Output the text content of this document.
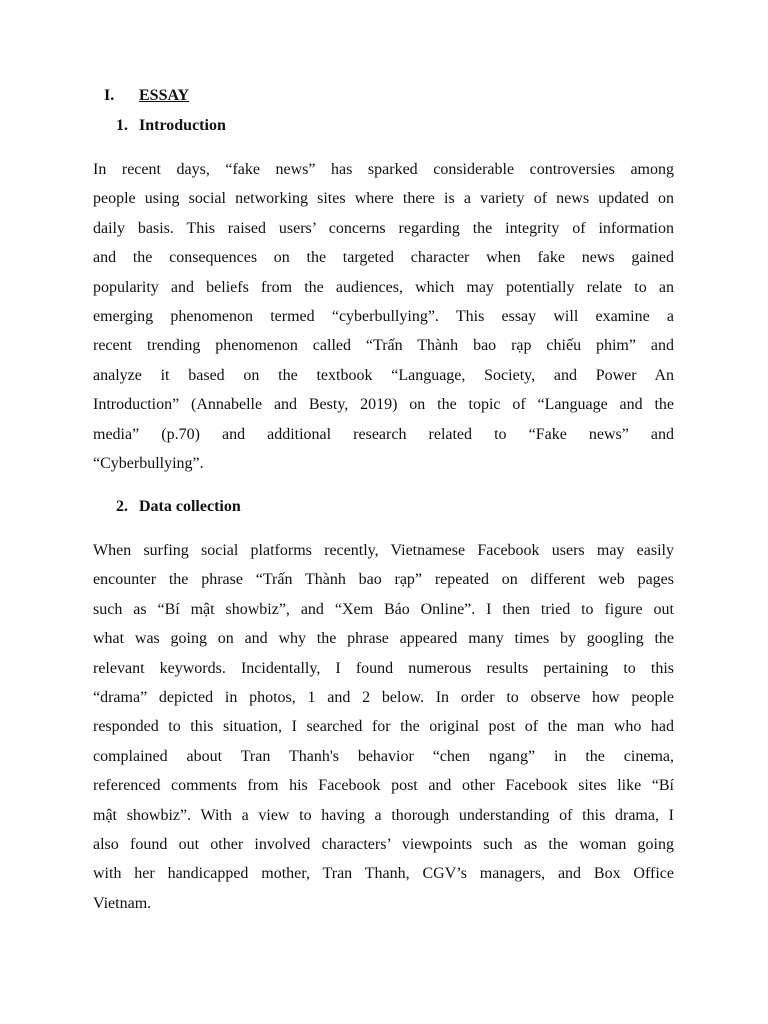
I. ESSAY
1. Introduction
In recent days, “fake news” has sparked considerable controversies among
people using social networking sites where there is a variety of news updated on
daily basis. This raised users’ concerns regarding the integrity of information
and the consequences on the targeted character when fake news gained
popularity and beliefs from the audiences, which may potentially relate to an
emerging phenomenon termed “cyberbullying”. This essay will examine a
recent trending phenomenon called “Trấn Thành bao rạp chiếu phim” and
analyze it based on the textbook “Language, Society, and Power An
Introduction” (Annabelle and Besty, 2019) on the topic of “Language and the
media” (p.70) and additional research related to “Fake news” and
“Cyberbullying”.
2. Data collection
When surfing social platforms recently, Vietnamese Facebook users may easily
encounter the phrase “Trấn Thành bao rạp” repeated on different web pages
such as “Bí mật showbiz”, and “Xem Báo Online”. I then tried to figure out
what was going on and why the phrase appeared many times by googling the
relevant keywords. Incidentally, I found numerous results pertaining to this
“drama” depicted in photos, 1 and 2 below. In order to observe how people
responded to this situation, I searched for the original post of the man who had
complained about Tran Thanh's behavior “chen ngang” in the cinema,
referenced comments from his Facebook post and other Facebook sites like “Bí
mật showbiz”. With a view to having a thorough understanding of this drama, I
also found out other involved characters’ viewpoints such as the woman going
with her handicapped mother, Tran Thanh, CGV’s managers, and Box Office
Vietnam.
